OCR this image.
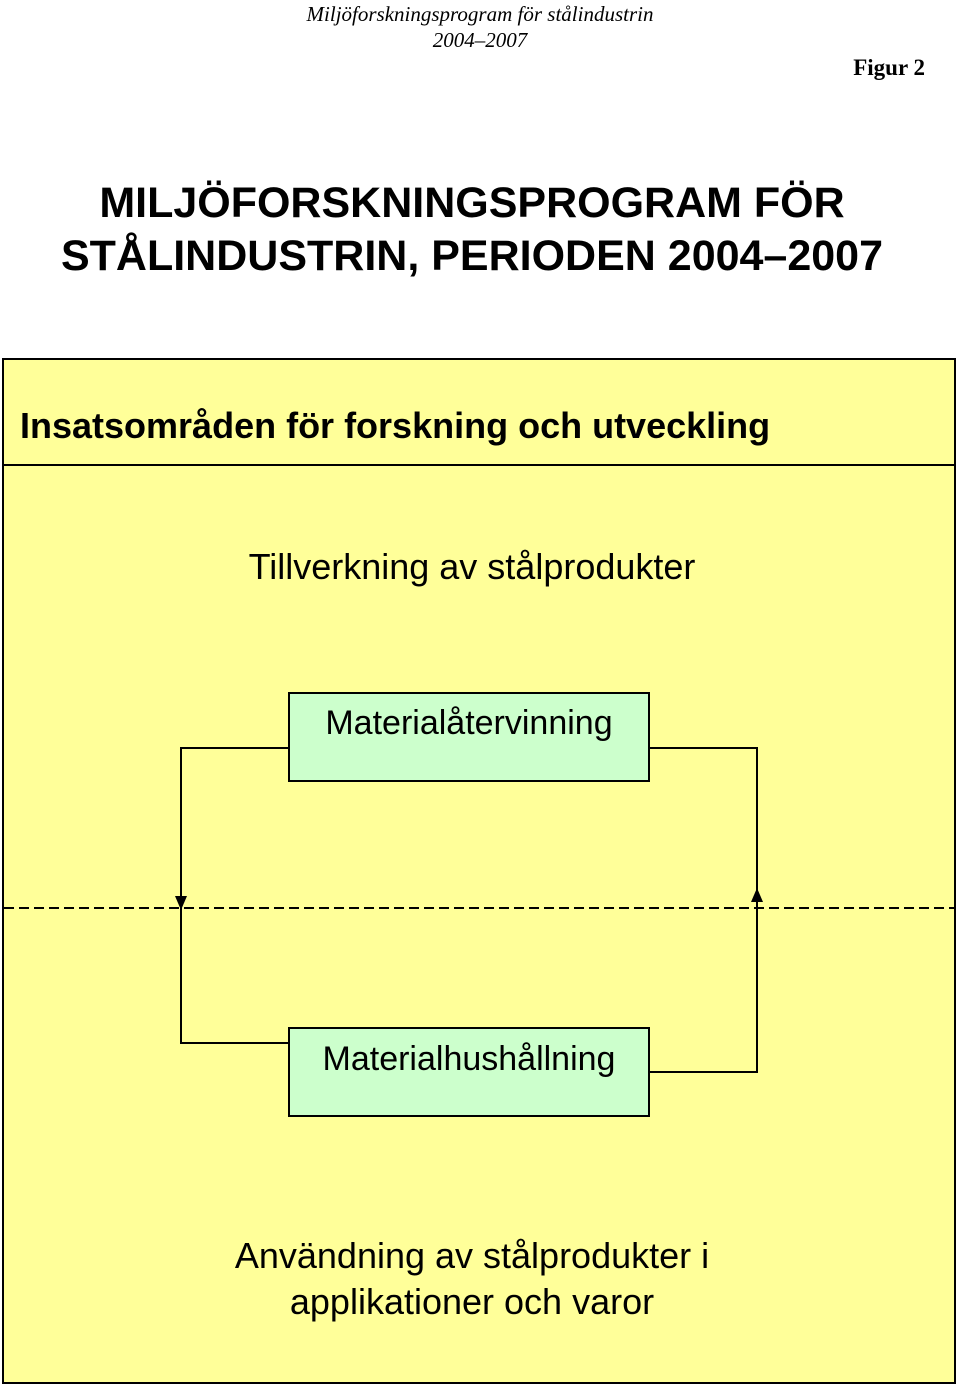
Miljöforskningsprogram för stålindustrin
2004–2007
Figur 2
MILJÖFORSKNINGSPROGRAM FÖR
STÅLINDUSTRIN, PERIODEN 2004–2007
Insatsområden för forskning och utveckling
Tillverkning av stålprodukter
Materialåtervinning
Materialhushållning
Användning av stålprodukter i
applikationer och varor
